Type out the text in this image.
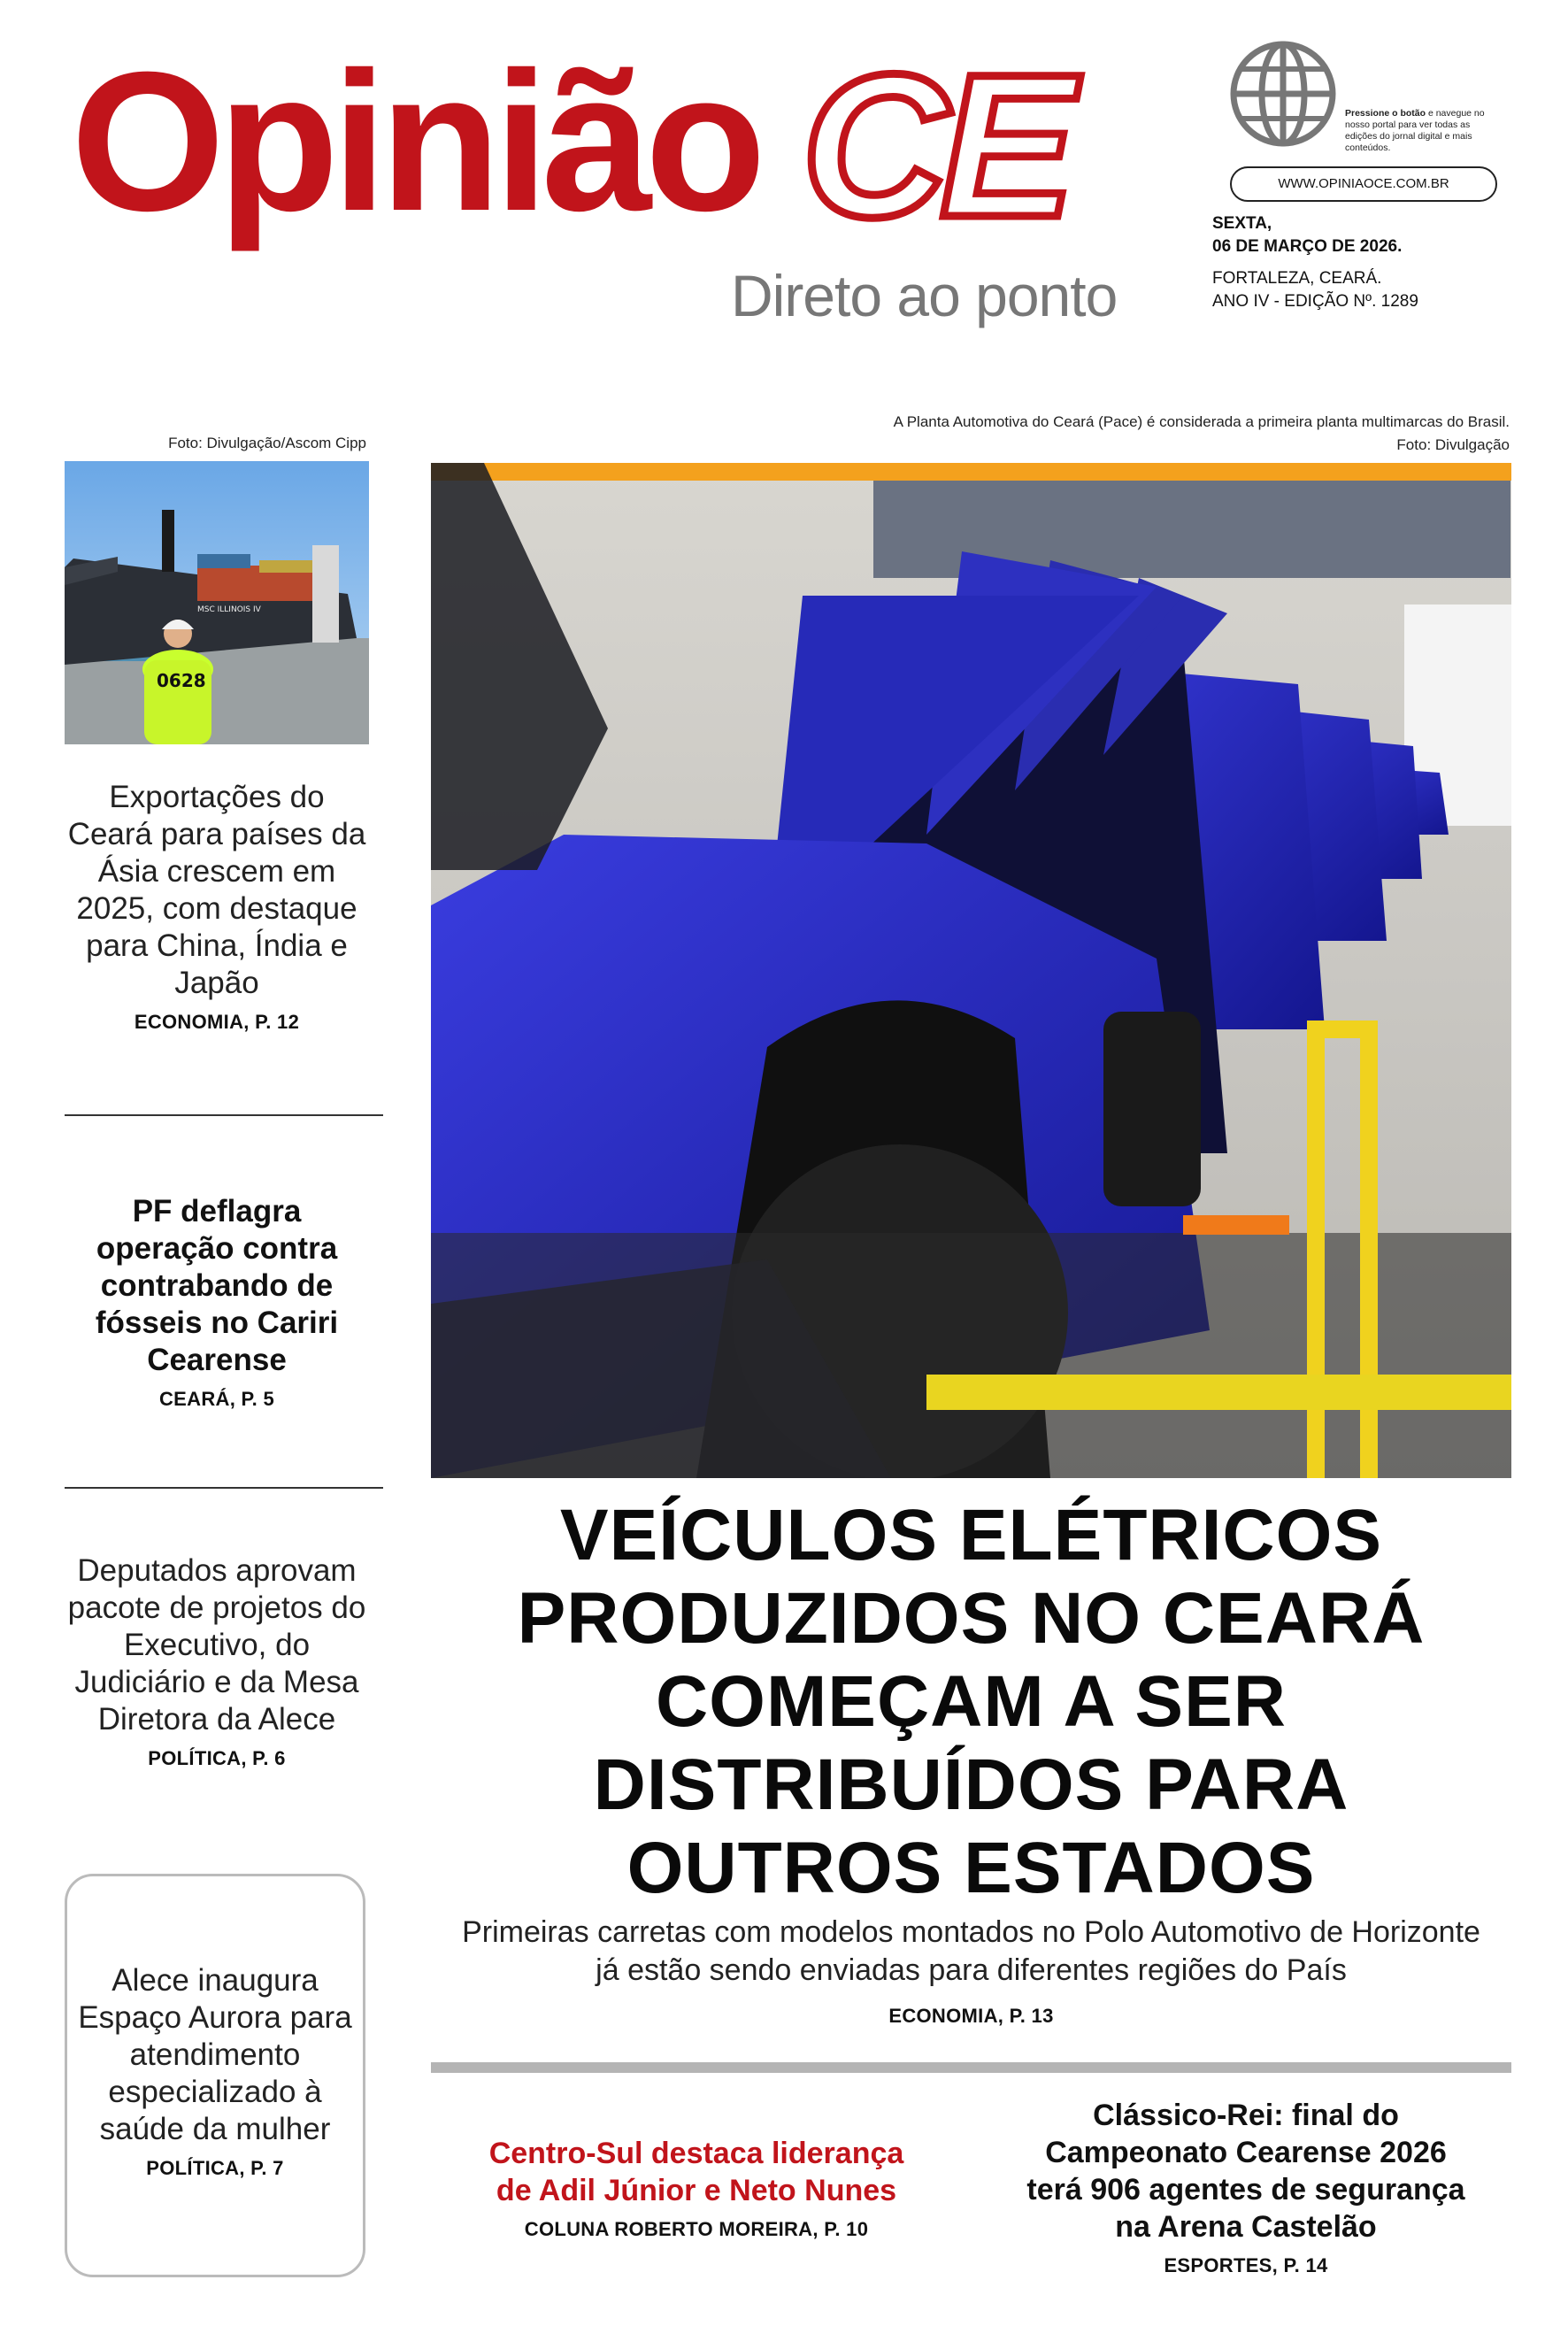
Opinião CE
Direto ao ponto
Pressione o botão e navegue no nosso portal para ver todas as edições do jornal digital e mais conteúdos.
WWW.OPINIAOCE.COM.BR
SEXTA,
06 DE MARÇO DE 2026.
FORTALEZA, CEARÁ.
ANO IV - EDIÇÃO Nº. 1289
Foto: Divulgação/Ascom Cipp
A Planta Automotiva do Ceará (Pace) é considerada a primeira planta multimarcas do Brasil.
Foto: Divulgação
MSC ILLINOIS IV
0628
Exportações do Ceará para países da Ásia crescem em 2025, com destaque para China, Índia e Japão
ECONOMIA, P. 12
PF deflagra operação contra contrabando de fósseis no Cariri Cearense
CEARÁ, P. 5
Deputados aprovam pacote de projetos do Executivo, do Judiciário e da Mesa Diretora da Alece
POLÍTICA, P. 6
Alece inaugura Espaço Aurora para atendimento especializado à saúde da mulher
POLÍTICA, P. 7
VEÍCULOS ELÉTRICOS
PRODUZIDOS NO CEARÁ
COMEÇAM A SER
DISTRIBUÍDOS PARA
OUTROS ESTADOS
Primeiras carretas com modelos montados no Polo Automotivo de Horizonte
já estão sendo enviadas para diferentes regiões do País
ECONOMIA, P. 13
Centro-Sul destaca liderança
de Adil Júnior e Neto Nunes
COLUNA ROBERTO MOREIRA, P. 10
Clássico-Rei: final do
Campeonato Cearense 2026
terá 906 agentes de segurança
na Arena Castelão
ESPORTES, P. 14
